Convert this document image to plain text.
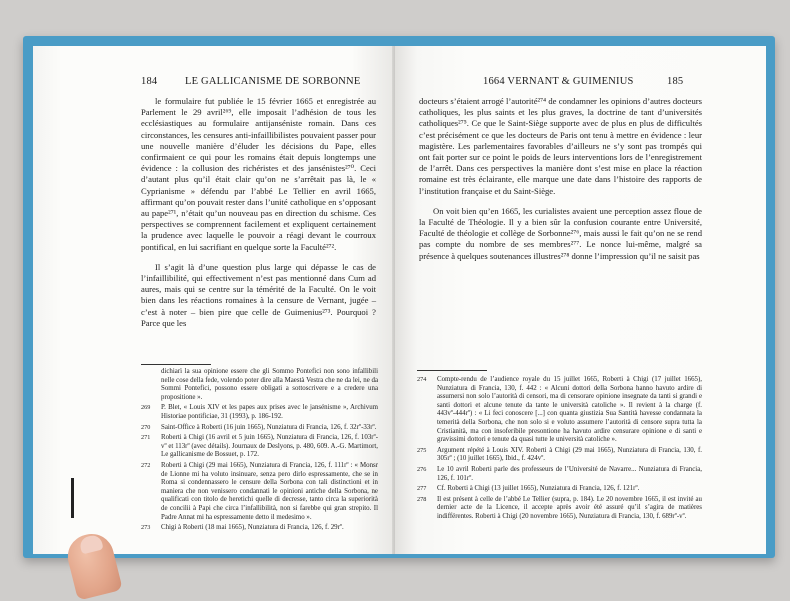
184	LE GALLICANISME DE SORBONNE

le formulaire fut publiée le 15 février 1665 et enregistrée au Parlement le 29 avril²⁶⁹, elle imposait l’adhésion de tous les ecclésiastiques au formulaire antijanséniste romain. Dans ces circonstances, les censures anti-infaillibilistes pouvaient passer pour une nouvelle manière d’éluder les décisions du Pape, elles confirmaient ce qui pour les romains était depuis longtemps une évidence : la collusion des richéristes et des jansénistes²⁷⁰. Ceci d’autant plus qu’il était clair qu’on ne s’arrêtait pas là, le « Cyprianisme » défendu par l’abbé Le Tellier en avril 1665, affirmant qu’on pouvait rester dans l’unité catholique en s’opposant au pape²⁷¹, n’était qu’un nouveau pas en direction du schisme. Ces perspectives se comprennent facilement et expliquent certainement la prudence avec laquelle le pouvoir a réagi devant le courroux pontifical, en lui sacrifiant en quelque sorte la Faculté²⁷².

Il s’agit là d’une question plus large qui dépasse le cas de l’infaillibilité, qui effectivement n’est pas mentionné dans Cum ad aures, mais qui se centre sur la témérité de la Faculté. On le voit bien dans les réactions romaines à la censure de Vernant, jugée – c’est à noter – bien pire que celle de Guimenius²⁷³. Pourquoi ? Parce que les

dichiarì la sua opinione essere che gli Sommo Pontefici non sono infallibili nelle cose della fede, volendo poter dire alla Maestà Vestra che ne da lei, ne da Sommi Pontefici, possono essere obligati a sottoscrivere e a credere una propositione ».
269	P. Blet, « Louis XIV et les papes aux prises avec le jansénisme », Archivum Historiae pontificiae, 31 (1993), p. 186-192.
270	Saint-Office à Roberti (16 juin 1665), Nunziatura di Francia, 126, f. 32rº-33rº.
271	Roberti à Chigi (16 avril et 5 juin 1665), Nunziatura di Francia, 126, f. 103rº-vº et 113rº (avec détails). Journaux de Deslyons, p. 480, 609. A.-G. Martimort, Le gallicanisme de Bossuet, p. 172.
272	Roberti à Chigi (29 mai 1665), Nunziatura di Francia, 126, f. 111rº : « Monsr de Lionne mi ha voluto insinuare, senza pero dirlo espressamente, che se in Roma si condennassero le censure della Sorbona con tali distinctioni et in maniera che non venissero condannati le opinioni antiche della Sorbona, ne qualificati con titolo de heretichi quelle di decresse, tanto circa la superiorità de concilii à Papi che circa l’infallibilità, non si farebbe qui gran strepito. Il Padre Annat mi ha espressamente detto il medesimo ».
273	Chigi à Roberti (18 mai 1665), Nunziatura di Francia, 126, f. 29rº.
1664 VERNANT & GUIMENIUS	185

docteurs s’étaient arrogé l’autorité²⁷⁴ de condamner les opinions d’autres docteurs catholiques, les plus saints et les plus graves, la doctrine de tant d’universités catholiques²⁷⁵. Ce que le Saint-Siège supporte avec de plus en plus de difficultés c’est précisément ce que les docteurs de Paris ont tenu à mettre en évidence : leur magistère. Les parlementaires favorables d’ailleurs ne s’y sont pas trompés qui ont fait porter sur ce point le poids de leurs interventions lors de l’enregistrement de l’arrêt. Dans ces perspectives la manière dont s’est mise en place la réaction romaine est très éclairante, elle marque une date dans l’histoire des rapports de l’institution française et du Saint-Siège.

On voit bien qu’en 1665, les curialistes avaient une perception assez floue de la Faculté de Théologie. Il y a bien sûr la confusion courante entre Université, Faculté de théologie et collège de Sorbonne²⁷⁶, mais aussi le fait qu’on ne se rend pas compte du nombre de ses membres²⁷⁷. Le nonce lui-même, malgré sa présence à quelques soutenances illustres²⁷⁸ donne l’impression qu’il ne saisit pas

274	Compte-rendu de l’audience royale du 15 juillet 1665, Roberti à Chigi (17 juillet 1665), Nunziatura di Francia, 130, f. 442 : « Alcuni dottori della Sorbona hanno havuto ardire di assumersi non solo l’autorità di censori, ma di censorare opinione insegnate da tanti si grandi e santi dottori et alcune tenute da tante le università catoliche ». Il revient à la charge (f. 443vº-444rº) : « Li feci conoscere [...] con quanta giustizia Sua Santità havesse condannata la temerità della Sorbona, che non solo si e voluto assumere l’autorità di censore supra tutta la Cristianità, ma con insoferibile presontione ha havuto ardire censurare opinione e di santi e gravissimi dottori e tenute da quasi tutte le università catoliche ».
275	Argument répété à Louis XIV. Roberti à Chigi (29 mai 1665), Nunziatura di Francia, 130, f. 305rº ; (10 juillet 1665), Ibid., f. 424vº.
276	Le 10 avril Roberti parle des professeurs de l’Université de Navarre... Nunziatura di Francia, 126, f. 101rº.
277	Cf. Roberti à Chigi (13 juillet 1665), Nunziatura di Francia, 126, f. 121rº.
278	Il est présent à celle de l’abbé Le Tellier (supra, p. 184). Le 20 novembre 1665, il est invité au dernier acte de la Licence, il accepte après avoir été assuré qu’il s’agira de matières indifférentes. Roberti à Chigi (20 novembre 1665), Nunziatura di Francia, 130, f. 689rº-vº.
